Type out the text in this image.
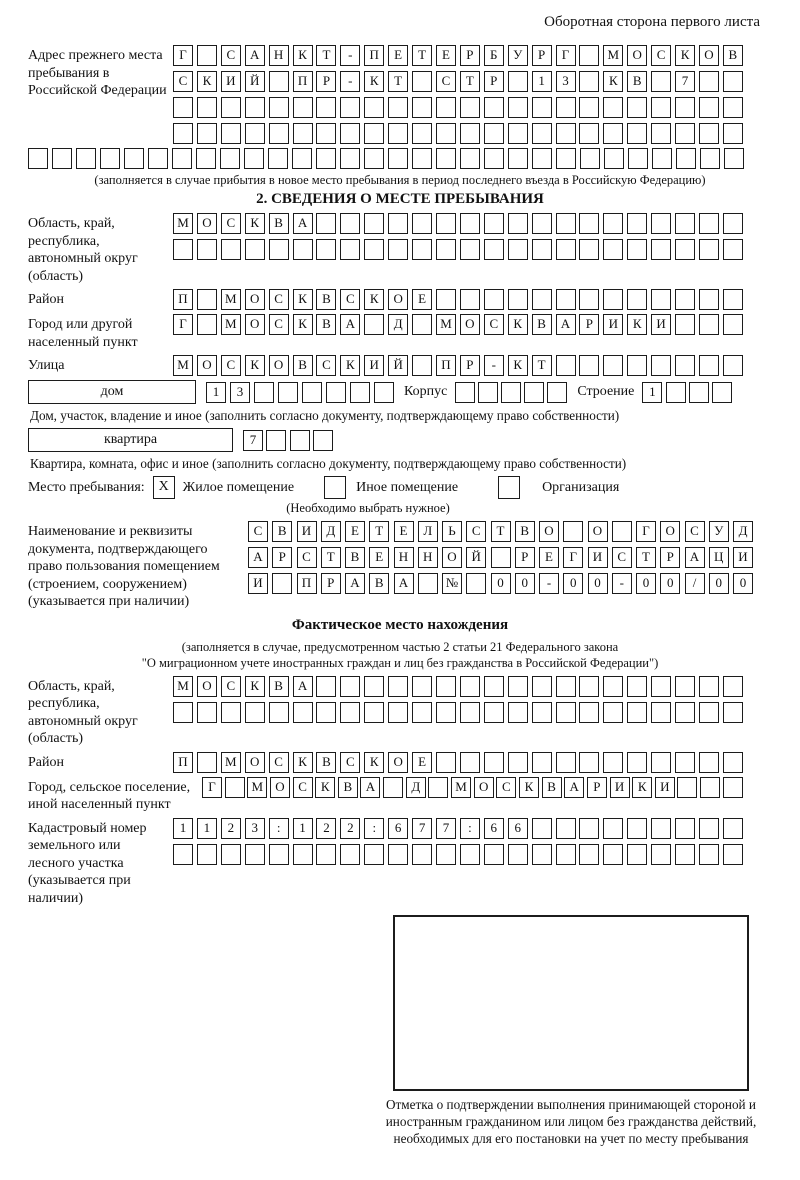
Оборотная сторона первого листа
Адрес прежнего места пребывания в Российской Федерации
Г	С	А	Н	К	Т	-	П	Е	Т	Е	Р	Б	У	Р	Г	М	О	С	К	О	В
С	К	И	Й	П	Р	-	К	Т	С	Т	Р	1	3	К	В	7
(заполняется в случае прибытия в новое место пребывания в период последнего въезда в Российскую Федерацию)
2. СВЕДЕНИЯ О МЕСТЕ ПРЕБЫВАНИЯ
Область, край, республика, автономный округ (область)
М	О	С	К	В	А
Район	П	М	О	С	К	В	С	К	О	Е
Город или другой населенный пункт
Г	М	О	С	К	В	А	Д	М	О	С	К	В	А	Р	И	К	И
Улица	М	О	С	К	О	В	С	К	И	Й	П	Р	-	К	Т
дом	1	3	Корпус	Строение	1
Дом, участок, владение и иное (заполнить согласно документу, подтверждающему право собственности)
квартира	7
Квартира, комната, офис и иное (заполнить согласно документу, подтверждающему право собственности)
Место пребывания: X Жилое помещение	Иное помещение	Организация
(Необходимо выбрать нужное)
Наименование и реквизиты документа, подтверждающего право пользования помещением (строением, сооружением) (указывается при наличии)
С	В	И	Д	Е	Т	Е	Л	Ь	С	Т	В	О	О	Г	О	С	У	Д
А	Р	С	Т	В	Е	Н	Н	О	Й	Р	Е	Г	И	С	Т	Р	А	Ц	И
И	П	Р	А	В	А	№	0	0	-	0	0	-	0	0	/	0	0
Фактическое место нахождения
(заполняется в случае, предусмотренном частью 2 статьи 21 Федерального закона
"О миграционном учете иностранных граждан и лиц без гражданства в Российской Федерации")
Область, край, республика, автономный округ (область)
М	О	С	К	В	А
Район	П	М	О	С	К	В	С	К	О	Е
Город, сельское поселение, иной населенный пункт
Г	М О	С	К	В	А	Д	М О	С	К	В	А	Р	И	К	И
Кадастровый номер земельного или лесного участка (указывается при наличии)
1	1	2	3	:	1	2	2	:	6	7	7	:	6	6
Отметка о подтверждении выполнения принимающей стороной и иностранным гражданином или лицом без гражданства действий, необходимых для его постановки на учет по месту пребывания
